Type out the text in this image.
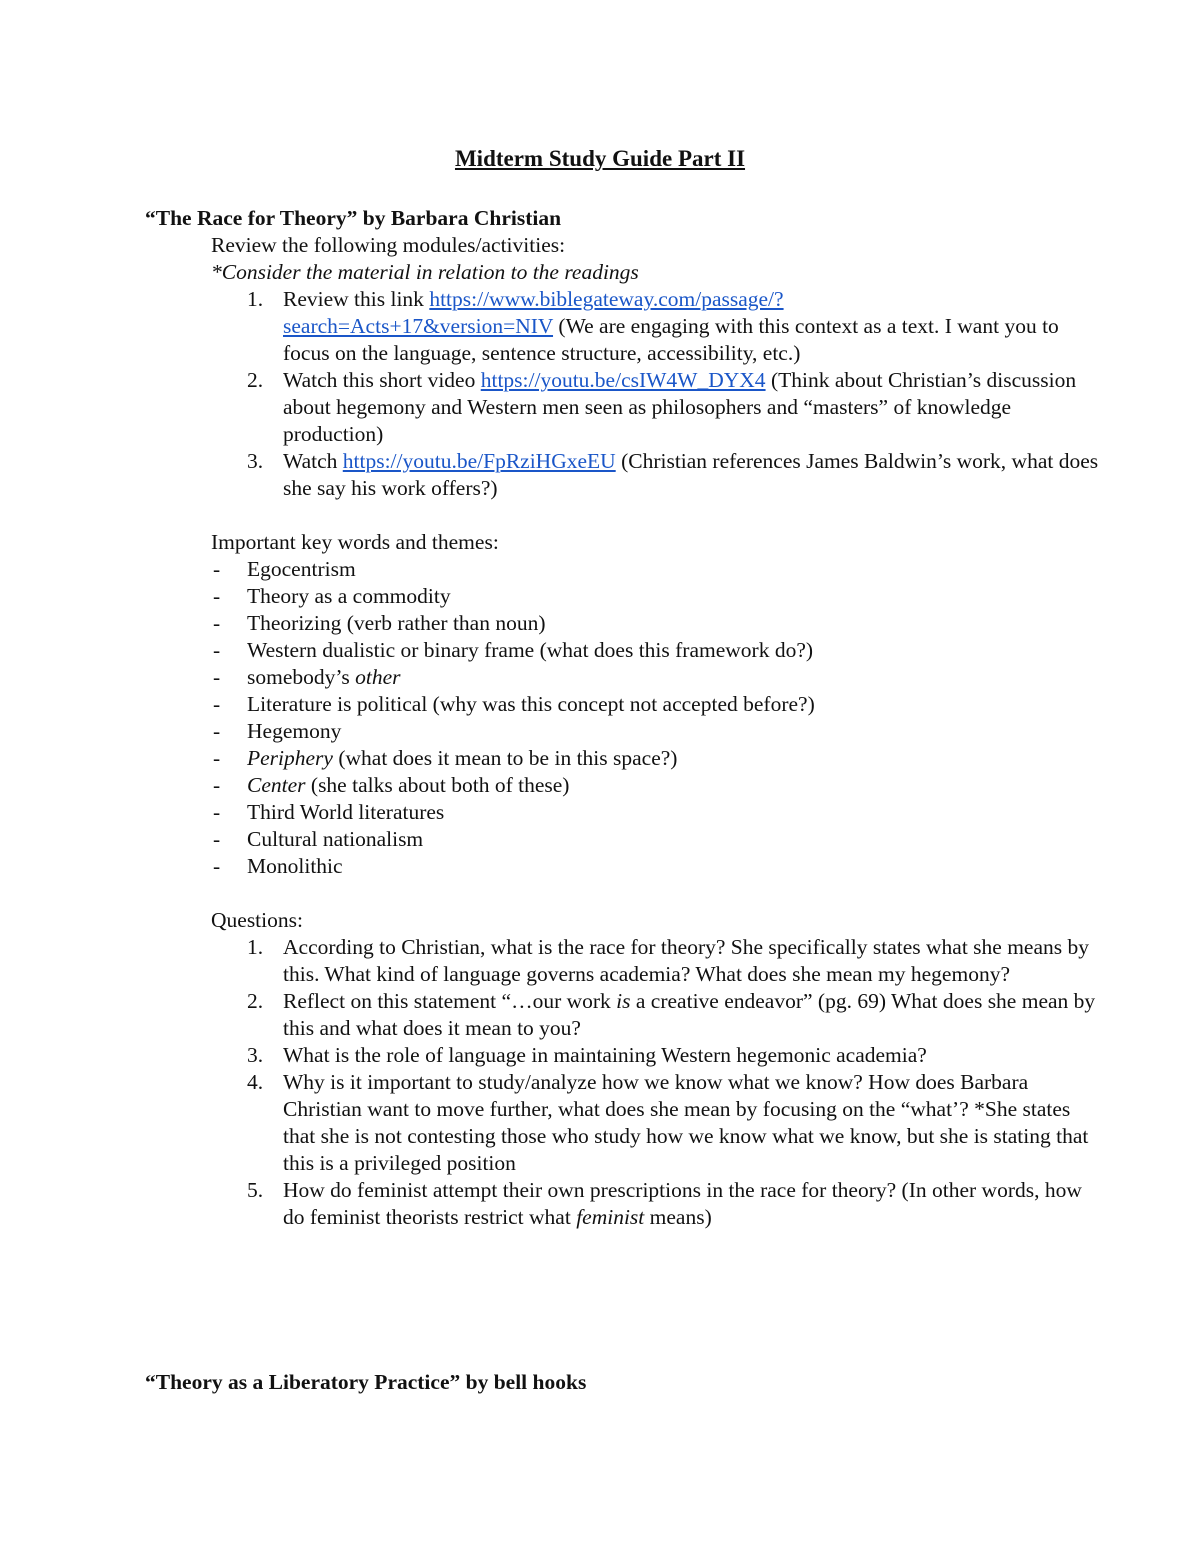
Midterm Study Guide Part II

“The Race for Theory” by Barbara Christian

Review the following modules/activities:

*Consider the material in relation to the readings

1. Review this link https://www.biblegateway.com/passage/?
search=Acts+17&version=NIV (We are engaging with this context as a text. I want you to focus on the language, sentence structure, accessibility, etc.)
2. Watch this short video https://youtu.be/csIW4W_DYX4 (Think about Christian’s discussion about hegemony and Western men seen as philosophers and “masters” of knowledge production)
3. Watch https://youtu.be/FpRziHGxeEU (Christian references James Baldwin’s work, what does she say his work offers?)

Important key words and themes:

- Egocentrism
- Theory as a commodity
- Theorizing (verb rather than noun)
- Western dualistic or binary frame (what does this framework do?)
- somebody’s other
- Literature is political (why was this concept not accepted before?)
- Hegemony
- Periphery (what does it mean to be in this space?)
- Center (she talks about both of these)
- Third World literatures
- Cultural nationalism
- Monolithic

Questions:

1. According to Christian, what is the race for theory? She specifically states what she means by this. What kind of language governs academia? What does she mean my hegemony?
2. Reflect on this statement “…our work is a creative endeavor” (pg. 69) What does she mean by this and what does it mean to you?
3. What is the role of language in maintaining Western hegemonic academia?
4. Why is it important to study/analyze how we know what we know? How does Barbara Christian want to move further, what does she mean by focusing on the “what’? *She states that she is not contesting those who study how we know what we know, but she is stating that this is a privileged position
5. How do feminist attempt their own prescriptions in the race for theory? (In other words, how do feminist theorists restrict what feminist means)

“Theory as a Liberatory Practice” by bell hooks
